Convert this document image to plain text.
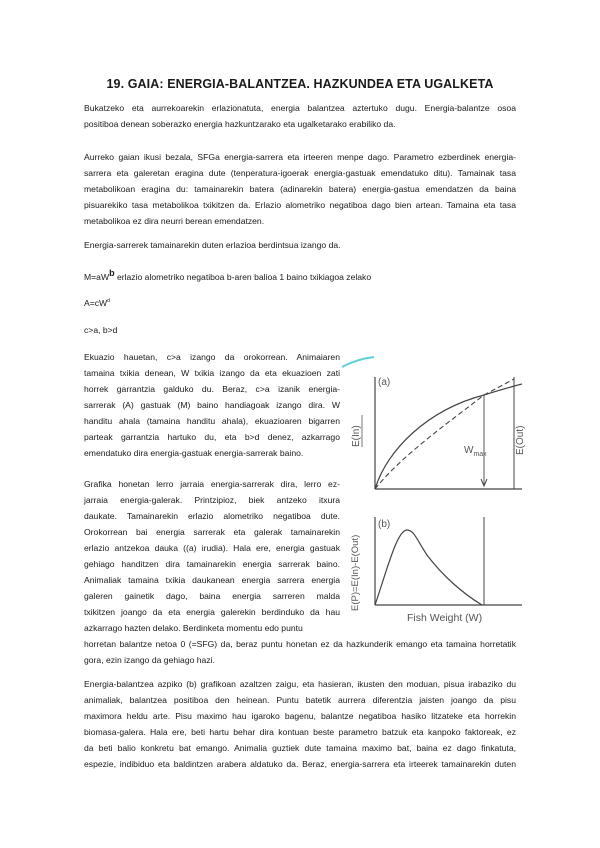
19. GAIA: ENERGIA-BALANTZEA. HAZKUNDEA ETA UGALKETA
Bukatzeko eta aurrekoarekin erlazionatuta, energia balantzea aztertuko dugu. Energia-balantze osoa
positiboa denean soberazko energia hazkuntzarako eta ugalketarako erabiliko da.
Aurreko gaian ikusi bezala, SFGa energia-sarrera eta irteeren menpe dago. Parametro ezberdinek energia-
sarrera eta galeretan eragina dute (tenperatura-igoerak energia-gastuak emendatuko ditu). Tamainak tasa
metabolikoan eragina du: tamainarekin batera (adinarekin batera) energia-gastua emendatzen da baina
pisuarekiko tasa metabolikoa txikitzen da. Erlazio alometriko negatiboa dago bien artean. Tamaina eta tasa
metabolikoa ez dira neurri berean emendatzen.
Energia-sarrerek tamainarekin duten erlazioa berdintsua izango da.
$M=aW^b$ erlazio alometriko negatiboa b-aren balioa 1 baino txikiagoa zelako
$A=cW^d$
c>a, b>d
Ekuazio hauetan, c>a izango da orokorrean. Animaiaren
tamaina txikia denean, W txikia izango da eta ekuazioen zati
horrek garrantzia galduko du. Beraz, c>a izanik energia-
sarrerak (A) gastuak (M) baino handiagoak izango dira. W
handitu ahala (tamaina handitu ahala), ekuazioaren bigarren
parteak garrantzia hartuko du, eta b>d denez, azkarrago
emendatuko dira energia-gastuak energia-sarrerak baino.
Grafika honetan lerro jarraia energia-sarrerak dira, lerro ez-
jarraia energia-galerak. Printzipioz, biek antzeko itxura
daukate. Tamainarekin erlazio alometriko negatiboa dute.
Orokorrean bai energia sarrerak eta galerak tamainarekin
erlazio antzekoa dauka ((a) irudia). Hala ere, energia gastuak
gehiago handitzen dira tamainarekin energia sarrerak baino.
Animaliak tamaina txikia daukanean energia sarrera energia
galeren gainetik dago, baina energia sarreren malda
txikitzen joango da eta energia galerekin berdinduko da hau
azkarrago hazten delako. Berdinketa momentu edo puntu
horretan balantze netoa 0 (=SFG) da, beraz puntu honetan ez da hazkunderik emango eta tamaina horretatik
gora, ezin izango da gehiago hazi.
Energia-balantzea azpiko (b) grafikoan azaltzen zaigu, eta hasieran, ikusten den moduan, pisua irabaziko du
animaliak, balantzea positiboa den heinean. Puntu batetik aurrera diferentzia jaisten joango da pisu
maximora heldu arte. Pisu maximo hau igaroko bagenu, balantze negatiboa hasiko litzateke eta horrekin
biomasa-galera. Hala ere, beti hartu behar dira kontuan beste parametro batzuk eta kanpoko faktoreak, ez
da beti balio konkretu bat emango. Animalia guztiek dute tamaina maximo bat, baina ez dago finkatuta,
espezie, indibiduo eta baldintzen arabera aldatuko da. Beraz, energia-sarrera eta irteerek tamainarekin duten
(a)
$W_{max}$
E(In)	E(Out)
(b)
E(P)=E(In)-E(Out)
Fish Weight (W)
